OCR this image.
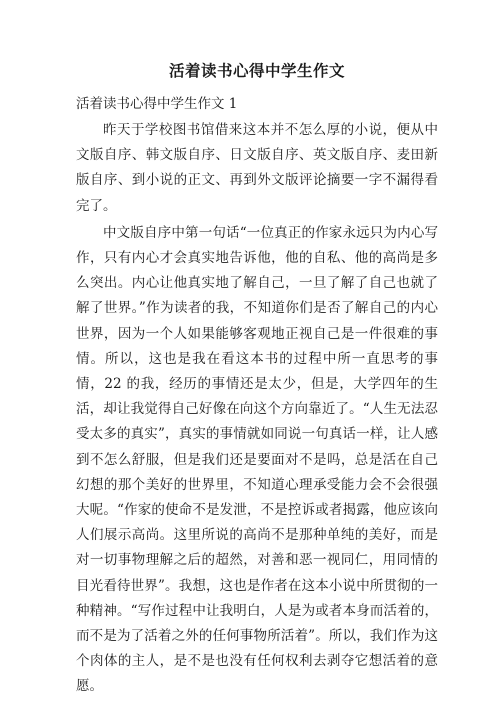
活着读书心得中学生作文
活着读书心得中学生作文 1

昨天于学校图书馆借来这本并不怎么厚的小说，便从中文版自序、韩文版自序、日文版自序、英文版自序、麦田新版自序、到小说的正文、再到外文版评论摘要一字不漏得看完了。

中文版自序中第一句话“一位真正的作家永远只为内心写作，只有内心才会真实地告诉他，他的自私、他的高尚是多么突出。内心让他真实地了解自己，一旦了解了自己也就了解了世界。”作为读者的我，不知道你们是否了解自己的内心世界，因为一个人如果能够客观地正视自己是一件很难的事情。所以，这也是我在看这本书的过程中所一直思考的事情，22 的我，经历的事情还是太少，但是，大学四年的生活，却让我觉得自己好像在向这个方向靠近了。“人生无法忍受太多的真实”，真实的事情就如同说一句真话一样，让人感到不怎么舒服，但是我们还是要面对不是吗，总是活在自己幻想的那个美好的世界里，不知道心理承受能力会不会很强大呢。“作家的使命不是发泄，不是控诉或者揭露，他应该向人们展示高尚。这里所说的高尚不是那种单纯的美好，而是对一切事物理解之后的超然，对善和恶一视同仁，用同情的目光看待世界”。我想，这也是作者在这本小说中所贯彻的一种精神。“写作过程中让我明白，人是为或者本身而活着的，而不是为了活着之外的任何事物所活着”。所以，我们作为这个肉体的主人，是不是也没有任何权利去剥夺它想活着的意愿。
